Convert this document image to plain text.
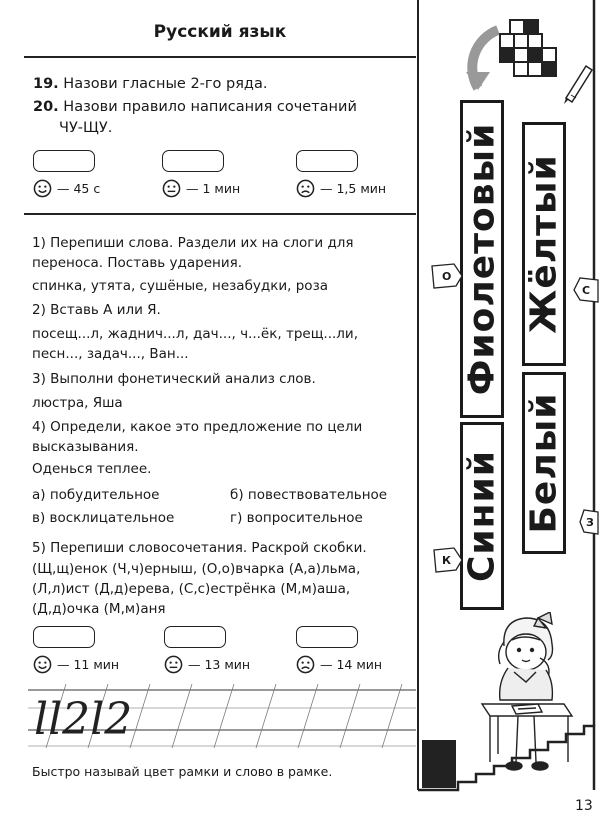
Русский язык
19. Назови гласные 2-го ряда.
20. Назови правило написания сочетаний
ЧУ-ЩУ.
— 45 с	— 1 мин	— 1,5 мин
1) Перепиши слова. Раздели их на слоги для
переноса. Поставь ударения.
спинка, утята, сушёные, незабудки, роза
2) Вставь А или Я.
посещ...л, жаднич...л, дач..., ч...ёк, трещ...ли,
песн..., задач..., Ван...
3) Выполни фонетический анализ слов.
люстра, Яша
4) Определи, какое это предложение по цели
высказывания.
Оденься теплее.
а) побудительное	б) повествовательное
в) восклицательное	г) вопросительное
5) Перепиши словосочетания. Раскрой скобки.
(Щ,щ)енок (Ч,ч)ерныш, (О,о)вчарка (А,а)льма,
(Л,л)ист (Д,д)ерева, (С,с)естрёнка (М,м)аша,
(Д,д)очка (М,м)аня
— 11 мин	— 13 мин	— 14 мин
ll2l2
Быстро называй цвет рамки и слово в рамке.
Синий
Фиолетовый
Белый
Жёлтый
О
С
К
З
13
